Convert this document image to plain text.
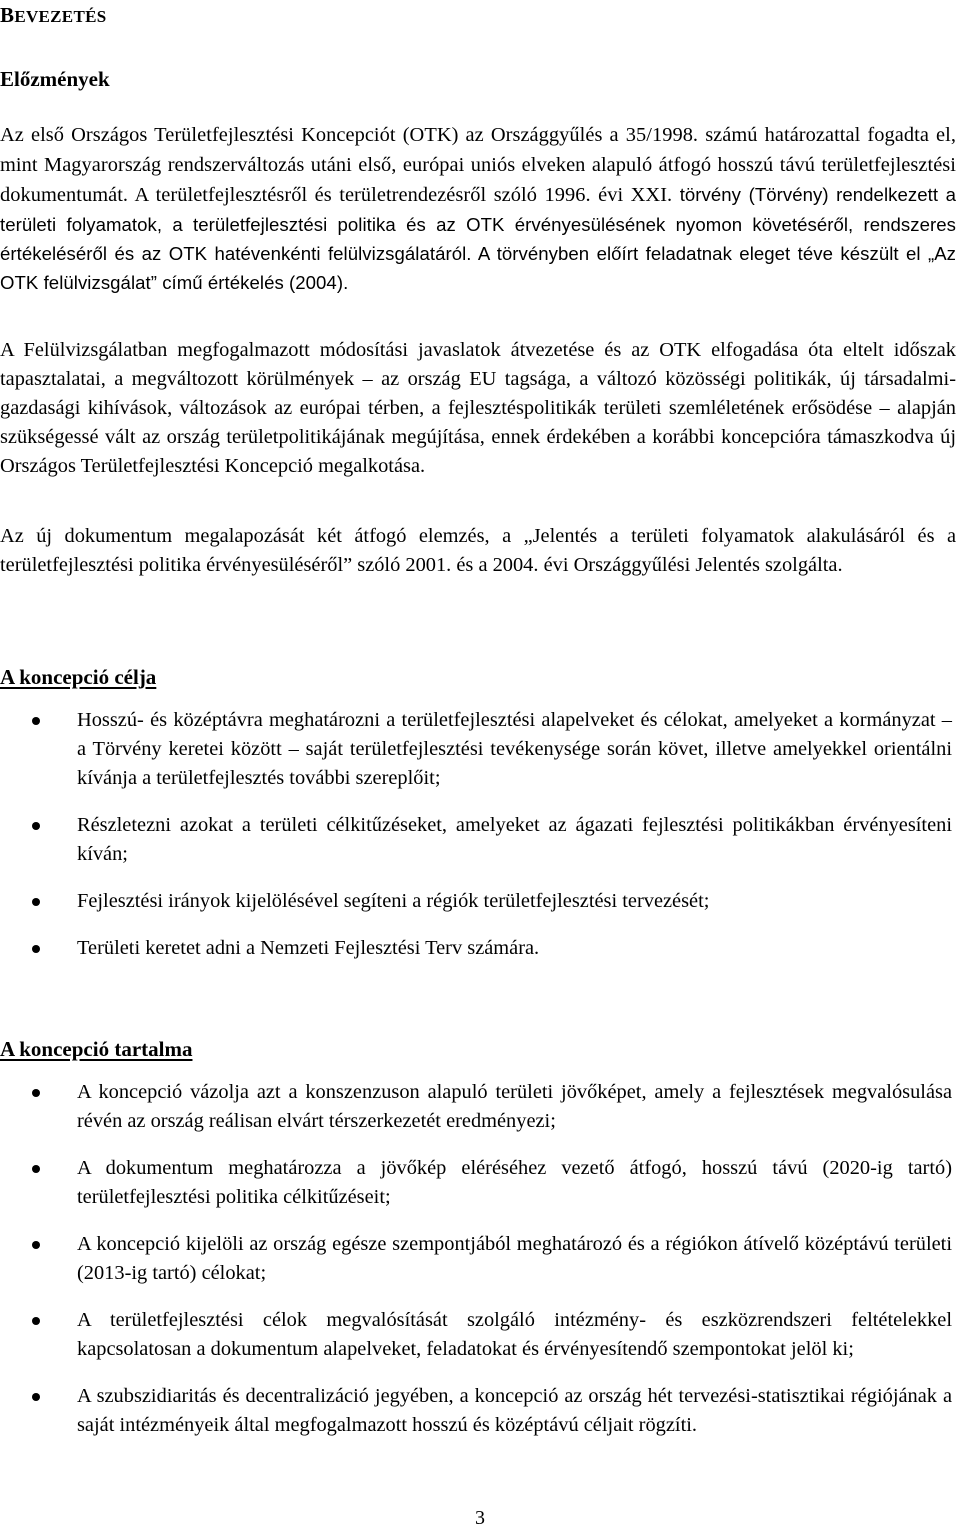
BEVEZETÉS
Előzmények

Az első Országos Területfejlesztési Koncepciót (OTK) az Országgyűlés a 35/1998. számú határozattal fogadta el, mint Magyarország rendszerváltozás utáni első, európai uniós elveken alapuló átfogó hosszú távú területfejlesztési dokumentumát. A területfejlesztésről és területrendezésről szóló 1996. évi XXI. törvény (Törvény) rendelkezett a területi folyamatok, a területfejlesztési politika és az OTK érvényesülésének nyomon követéséről, rendszeres értékeléséről és az OTK hatévenkénti felülvizsgálatáról. A törvényben előírt feladatnak eleget téve készült el „Az OTK felülvizsgálat” című értékelés (2004).

A Felülvizsgálatban megfogalmazott módosítási javaslatok átvezetése és az OTK elfogadása óta eltelt időszak tapasztalatai, a megváltozott körülmények – az ország EU tagsága, a változó közösségi politikák, új társadalmi-gazdasági kihívások, változások az európai térben, a fejlesztéspolitikák területi szemléletének erősödése – alapján szükségessé vált az ország területpolitikájának megújítása, ennek érdekében a korábbi koncepcióra támaszkodva új Országos Területfejlesztési Koncepció megalkotása.

Az új dokumentum megalapozását két átfogó elemzés, a „Jelentés a területi folyamatok alakulásáról és a területfejlesztési politika érvényesüléséről” szóló 2001. és a 2004. évi Országgyűlési Jelentés szolgálta.

A koncepció célja
Hosszú- és középtávra meghatározni a területfejlesztési alapelveket és célokat, amelyeket a kormányzat – a Törvény keretei között – saját területfejlesztési tevékenysége során követ, illetve amelyekkel orientálni kívánja a területfejlesztés további szereplőit;
Részletezni azokat a területi célkitűzéseket, amelyeket az ágazati fejlesztési politikákban érvényesíteni kíván;
Fejlesztési irányok kijelölésével segíteni a régiók területfejlesztési tervezését;
Területi keretet adni a Nemzeti Fejlesztési Terv számára.
A koncepció tartalma
A koncepció vázolja azt a konszenzuson alapuló területi jövőképet, amely a fejlesztések megvalósulása révén az ország reálisan elvárt térszerkezetét eredményezi;
A dokumentum meghatározza a jövőkép eléréséhez vezető átfogó, hosszú távú (2020-ig tartó) területfejlesztési politika célkitűzéseit;
A koncepció kijelöli az ország egésze szempontjából meghatározó és a régiókon átívelő középtávú területi (2013-ig tartó) célokat;
A területfejlesztési célok megvalósítását szolgáló intézmény- és eszközrendszeri feltételekkel kapcsolatosan a dokumentum alapelveket, feladatokat és érvényesítendő szempontokat jelöl ki;
A szubszidiaritás és decentralizáció jegyében, a koncepció az ország hét tervezési-statisztikai régiójának a saját intézményeik által megfogalmazott hosszú és középtávú céljait rögzíti.
3
